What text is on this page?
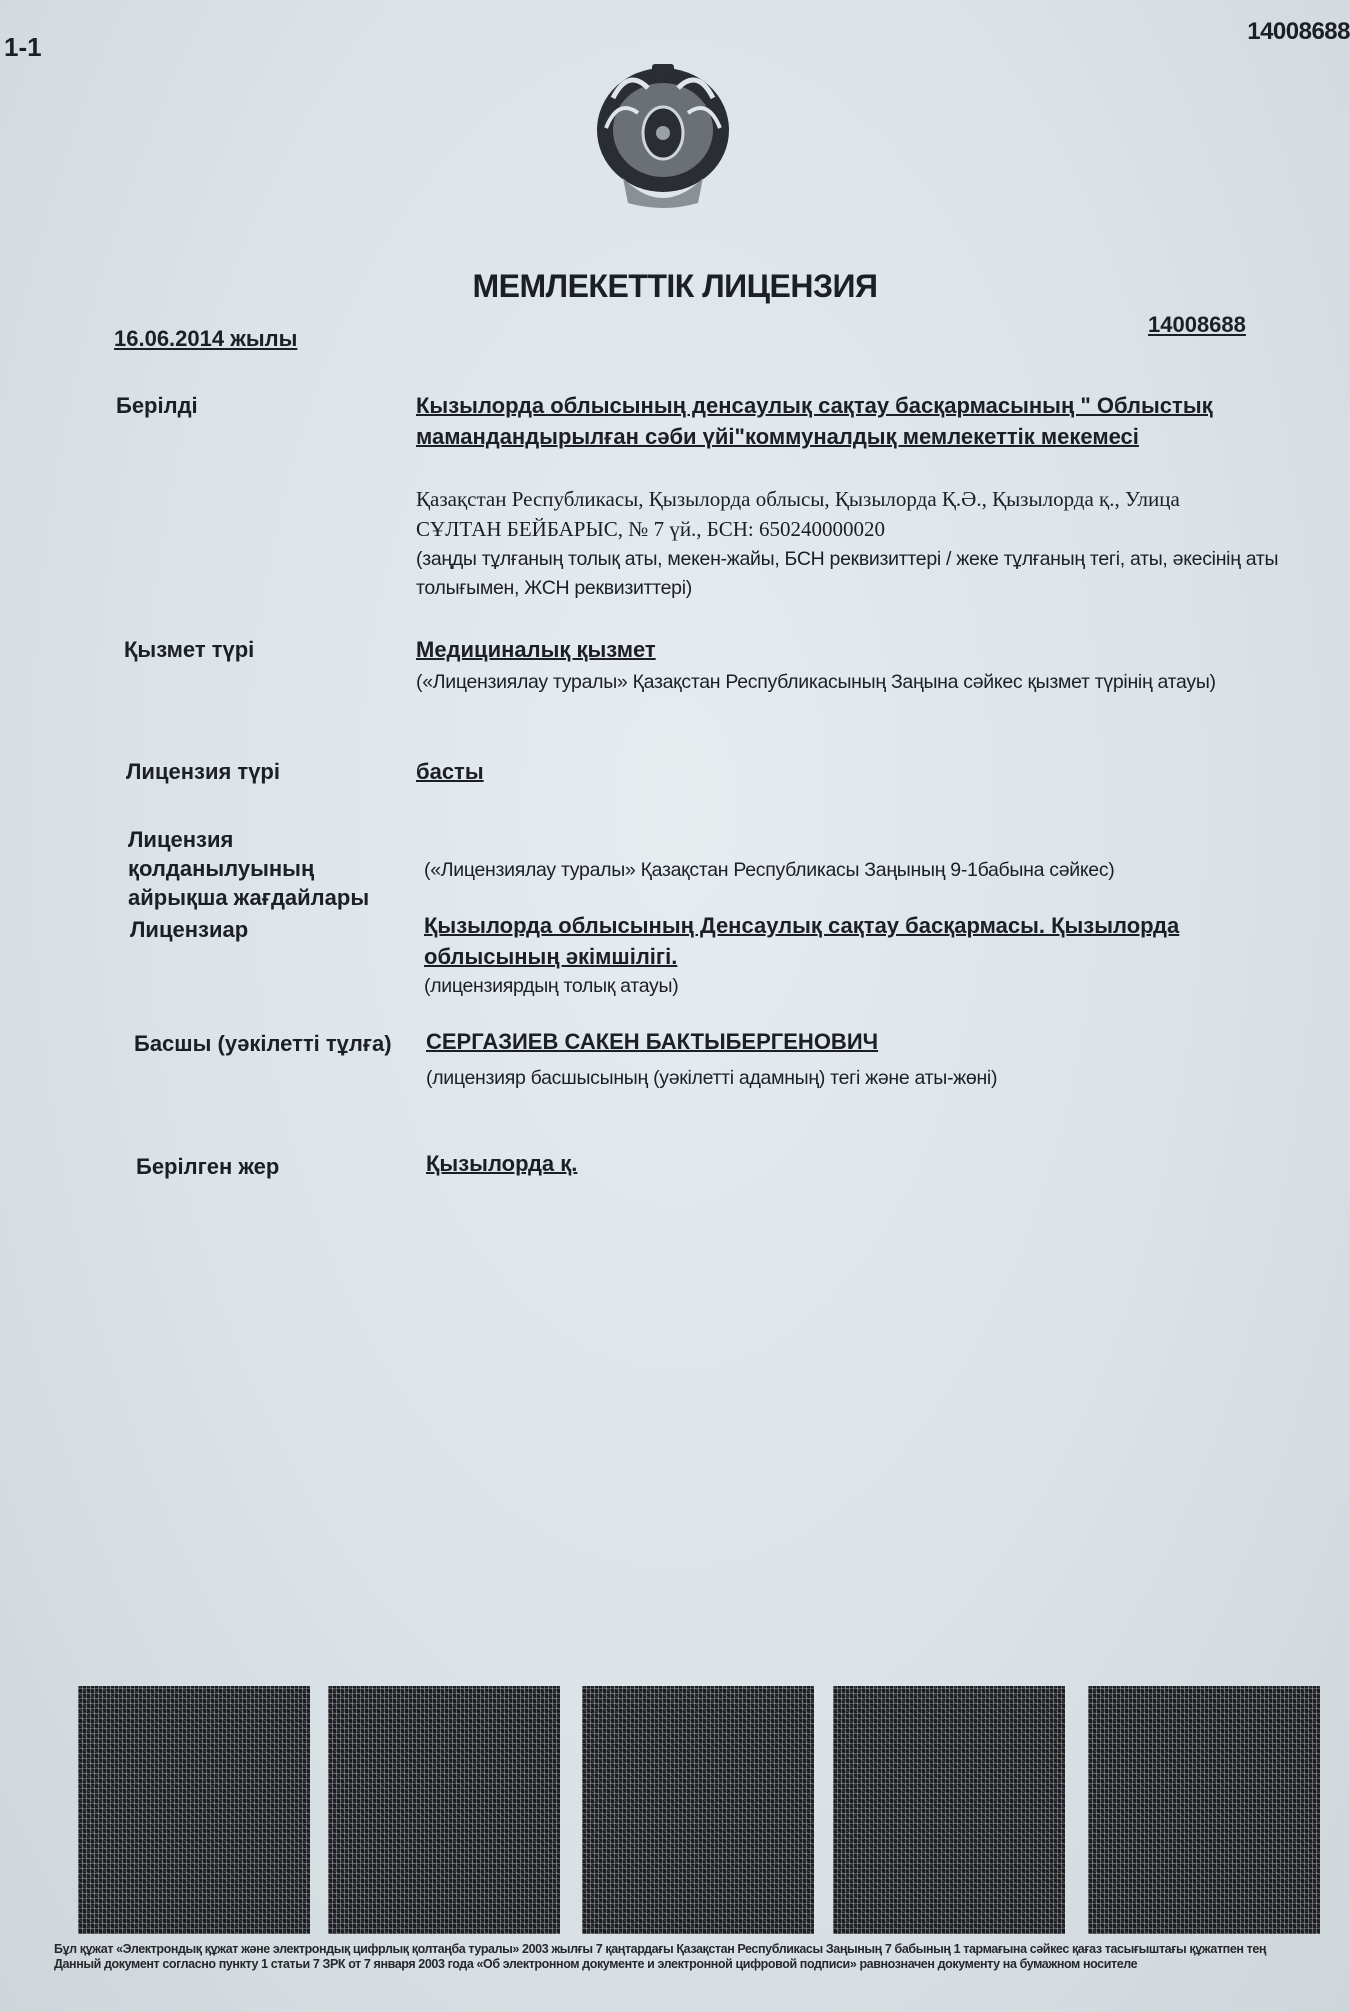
1-1
14008688
МЕМЛЕКЕТТІК ЛИЦЕНЗИЯ
16.06.2014 жылы
14008688
Берілді	Кызылорда облысының денсаулық сақтау басқармасының " Облыстық мамандандырылған сәби үйі"коммуналдық мемлекеттік мекемесі
Қазақстан Республикасы, Қызылорда облысы, Қызылорда Қ.Ә., Қызылорда қ., Улица
СҰЛТАН БЕЙБАРЫС, № 7 үй., БСН: 650240000020
(заңды тұлғаның толық аты, мекен-жайы, БСН реквизиттері / жеке тұлғаның тегі, аты, әкесінің аты толығымен, ЖСН реквизиттері)
Қызмет түрі	Медициналық қызмет
(«Лицензиялау туралы» Қазақстан Республикасының Заңына сәйкес қызмет түрінің атауы)
Лицензия түрі	басты
Лицензия қолданылуының айрықша жағдайлары
(«Лицензиялау туралы» Қазақстан Республикасы Заңының 9-1бабына сәйкес)
Лицензиар	Қызылорда облысының Денсаулық сақтау басқармасы. Қызылорда облысының әкімшілігі.
(лицензиярдың толық атауы)
Басшы (уәкілетті тұлға) СЕРГАЗИЕВ САКЕН БАКТЫБЕРГЕНОВИЧ
(лицензияр басшысының (уәкілетті адамның) тегі және аты-жөні)
Берілген жер	Қызылорда қ.
Бұл құжат «Электрондық құжат және электрондық цифрлық қолтаңба туралы» 2003 жылғы 7 қаңтардағы Қазақстан Республикасы Заңының 7 бабының 1 тармағына сәйкес қағаз тасығыштағы құжатпен тең
Данный документ согласно пункту 1 статьи 7 ЗРК от 7 января 2003 года «Об электронном документе и электронной цифровой подписи» равнозначен документу на бумажном носителе
